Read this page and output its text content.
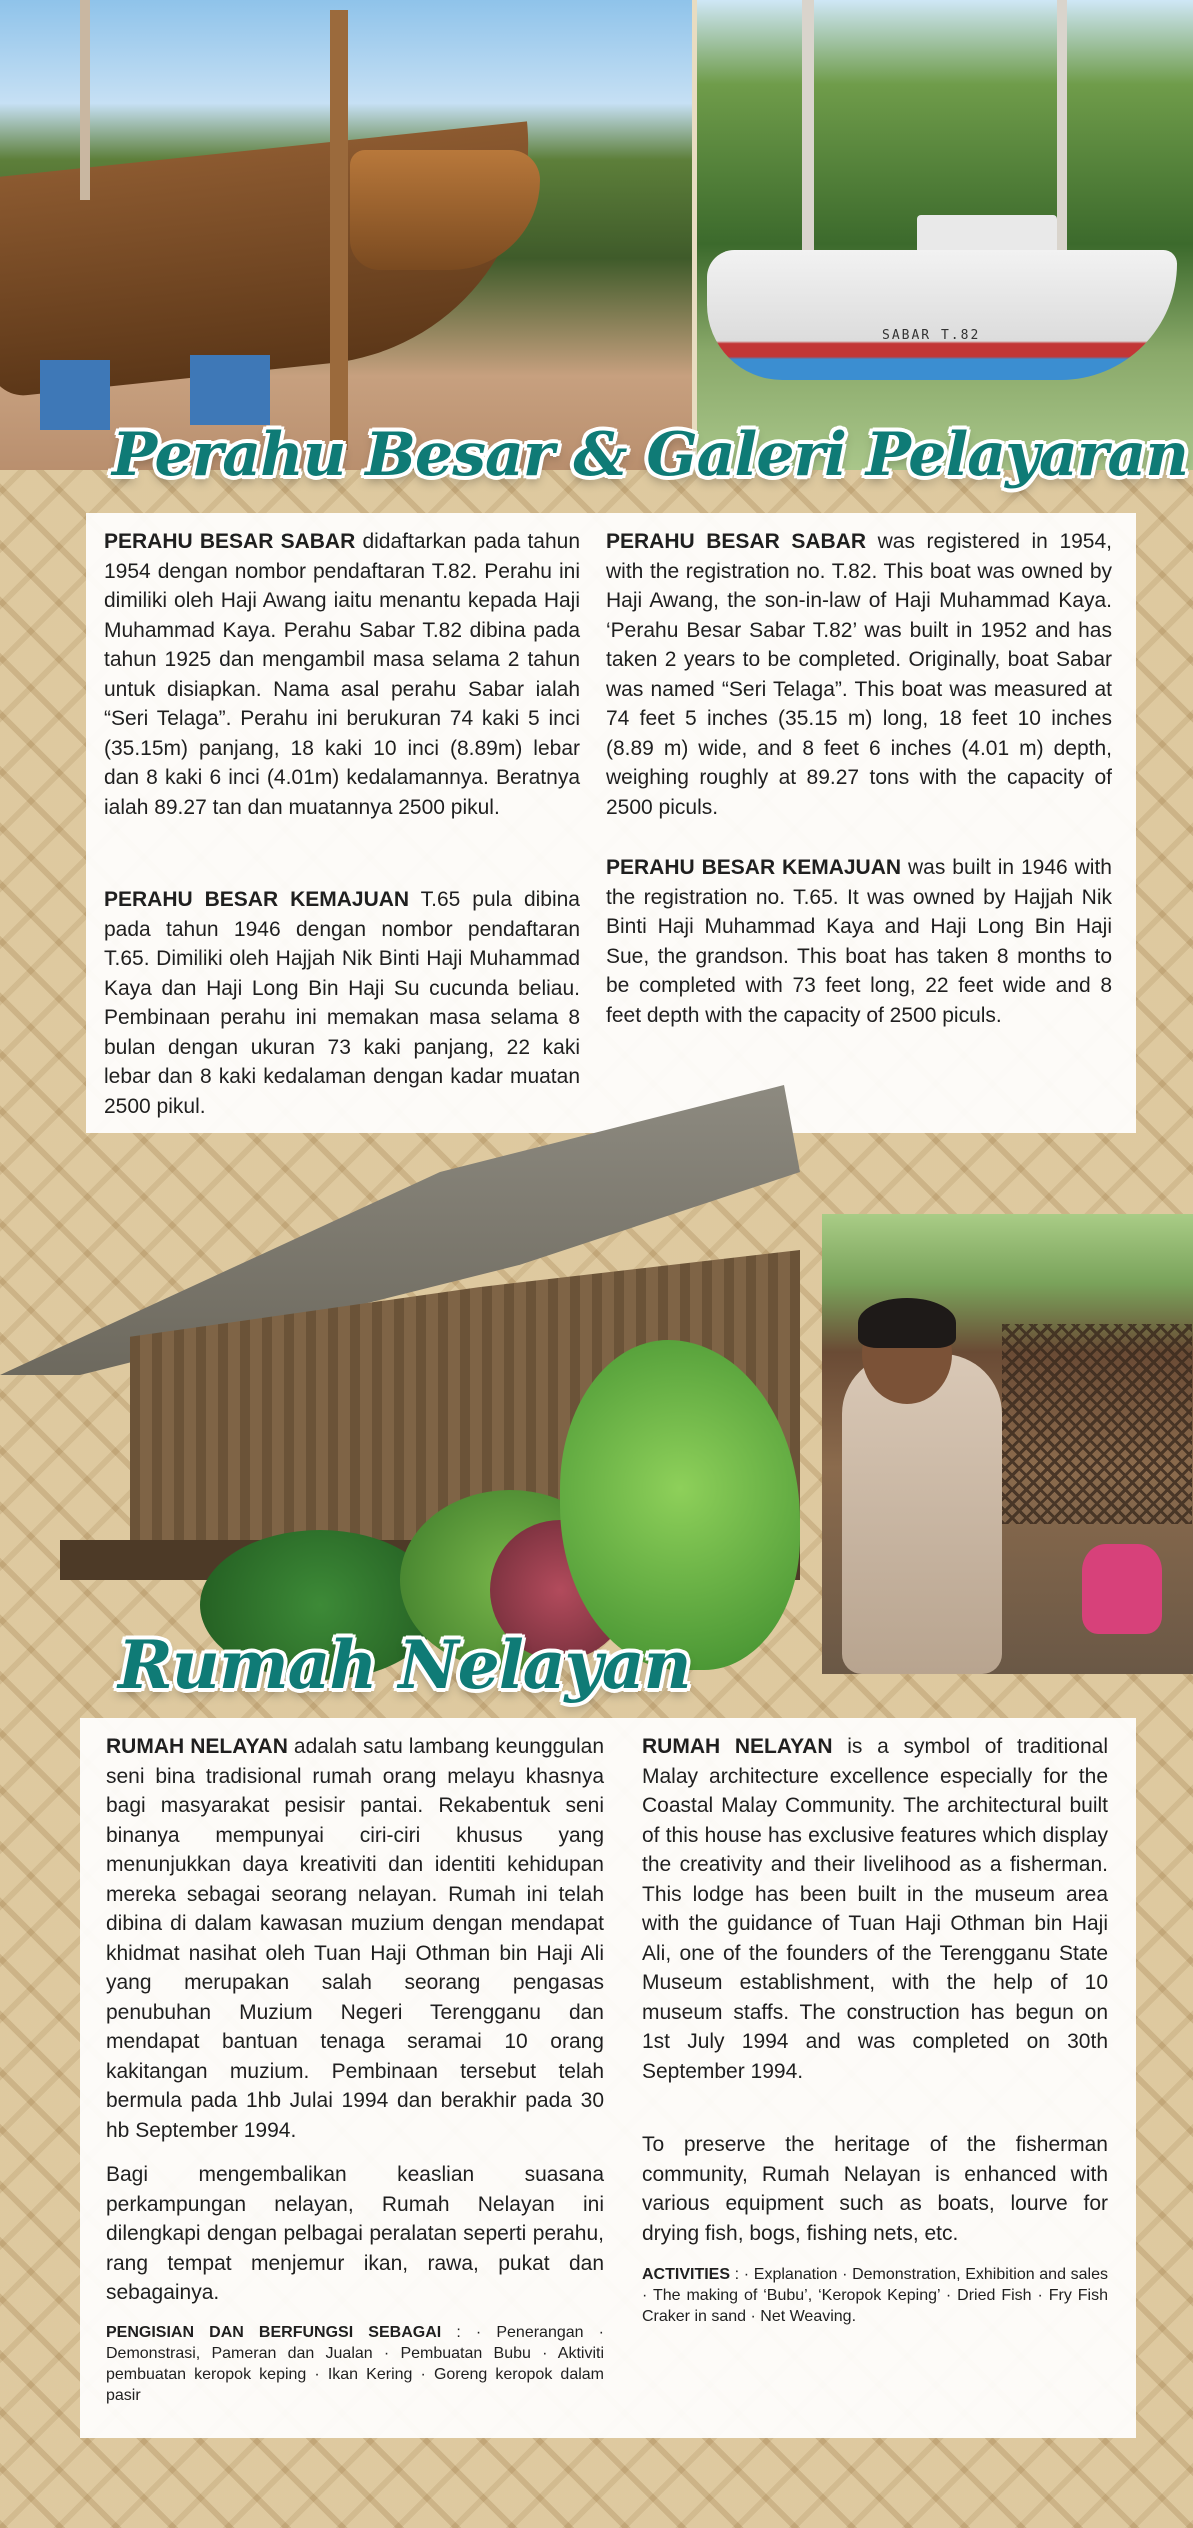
SABAR T.82
Perahu Besar & Galeri Pelayaran

PERAHU BESAR SABAR didaftarkan pada tahun 1954 dengan nombor pendaftaran T.82. Perahu ini dimiliki oleh Haji Awang iaitu menantu kepada Haji Muhammad Kaya. Perahu Sabar T.82 dibina pada tahun 1925 dan mengambil masa selama 2 tahun untuk disiapkan. Nama asal perahu Sabar ialah “Seri Telaga”. Perahu ini berukuran 74 kaki 5 inci (35.15m) panjang, 18 kaki 10 inci (8.89m) lebar dan 8 kaki 6 inci (4.01m) kedalamannya. Beratnya ialah 89.27 tan dan muatannya 2500 pikul.

PERAHU BESAR KEMAJUAN T.65 pula dibina pada tahun 1946 dengan nombor pendaftaran T.65. Dimiliki oleh Hajjah Nik Binti Haji Muhammad Kaya dan Haji Long Bin Haji Su cucunda beliau. Pembinaan perahu ini memakan masa selama 8 bulan dengan ukuran 73 kaki panjang, 22 kaki lebar dan 8 kaki kedalaman dengan kadar muatan 2500 pikul.

PERAHU BESAR SABAR was registered in 1954, with the registration no. T.82. This boat was owned by Haji Awang, the son-in-law of Haji Muhammad Kaya. ‘Perahu Besar Sabar T.82’ was built in 1952 and has taken 2 years to be completed. Originally, boat Sabar was named “Seri Telaga”. This boat was measured at 74 feet 5 inches (35.15 m) long, 18 feet 10 inches (8.89 m) wide, and 8 feet 6 inches (4.01 m) depth, weighing roughly at 89.27 tons with the capacity of 2500 piculs.

PERAHU BESAR KEMAJUAN was built in 1946 with the registration no. T.65. It was owned by Hajjah Nik Binti Haji Muhammad Kaya and Haji Long Bin Haji Sue, the grandson. This boat has taken 8 months to be completed with 73 feet long, 22 feet wide and 8 feet depth with the capacity of 2500 piculs.

Rumah Nelayan

RUMAH NELAYAN adalah satu lambang keunggulan seni bina tradisional rumah orang melayu khasnya bagi masyarakat pesisir pantai. Rekabentuk seni binanya mempunyai ciri-ciri khusus yang menunjukkan daya kreativiti dan identiti kehidupan mereka sebagai seorang nelayan. Rumah ini telah dibina di dalam kawasan muzium dengan mendapat khidmat nasihat oleh Tuan Haji Othman bin Haji Ali yang merupakan salah seorang pengasas penubuhan Muzium Negeri Terengganu dan mendapat bantuan tenaga seramai 10 orang kakitangan muzium. Pembinaan tersebut telah bermula pada 1hb Julai 1994 dan berakhir pada 30 hb September 1994.

Bagi mengembalikan keaslian suasana perkampungan nelayan, Rumah Nelayan ini dilengkapi dengan pelbagai peralatan seperti perahu, rang tempat menjemur ikan, rawa, pukat dan sebagainya.

PENGISIAN DAN BERFUNGSI SEBAGAI : · Penerangan · Demonstrasi, Pameran dan Jualan · Pembuatan Bubu · Aktiviti pembuatan keropok keping · Ikan Kering · Goreng keropok dalam pasir

RUMAH NELAYAN is a symbol of traditional Malay architecture excellence especially for the Coastal Malay Community. The architectural built of this house has exclusive features which display the creativity and their livelihood as a fisherman. This lodge has been built in the museum area with the guidance of Tuan Haji Othman bin Haji Ali, one of the founders of the Terengganu State Museum establishment, with the help of 10 museum staffs. The construction has begun on 1st July 1994 and was completed on 30th September 1994.

To preserve the heritage of the fisherman community, Rumah Nelayan is enhanced with various equipment such as boats, lourve for drying fish, bogs, fishing nets, etc.

ACTIVITIES : · Explanation · Demonstration, Exhibition and sales · The making of ‘Bubu’, ‘Keropok Keping’ · Dried Fish · Fry Fish Craker in sand · Net Weaving.
